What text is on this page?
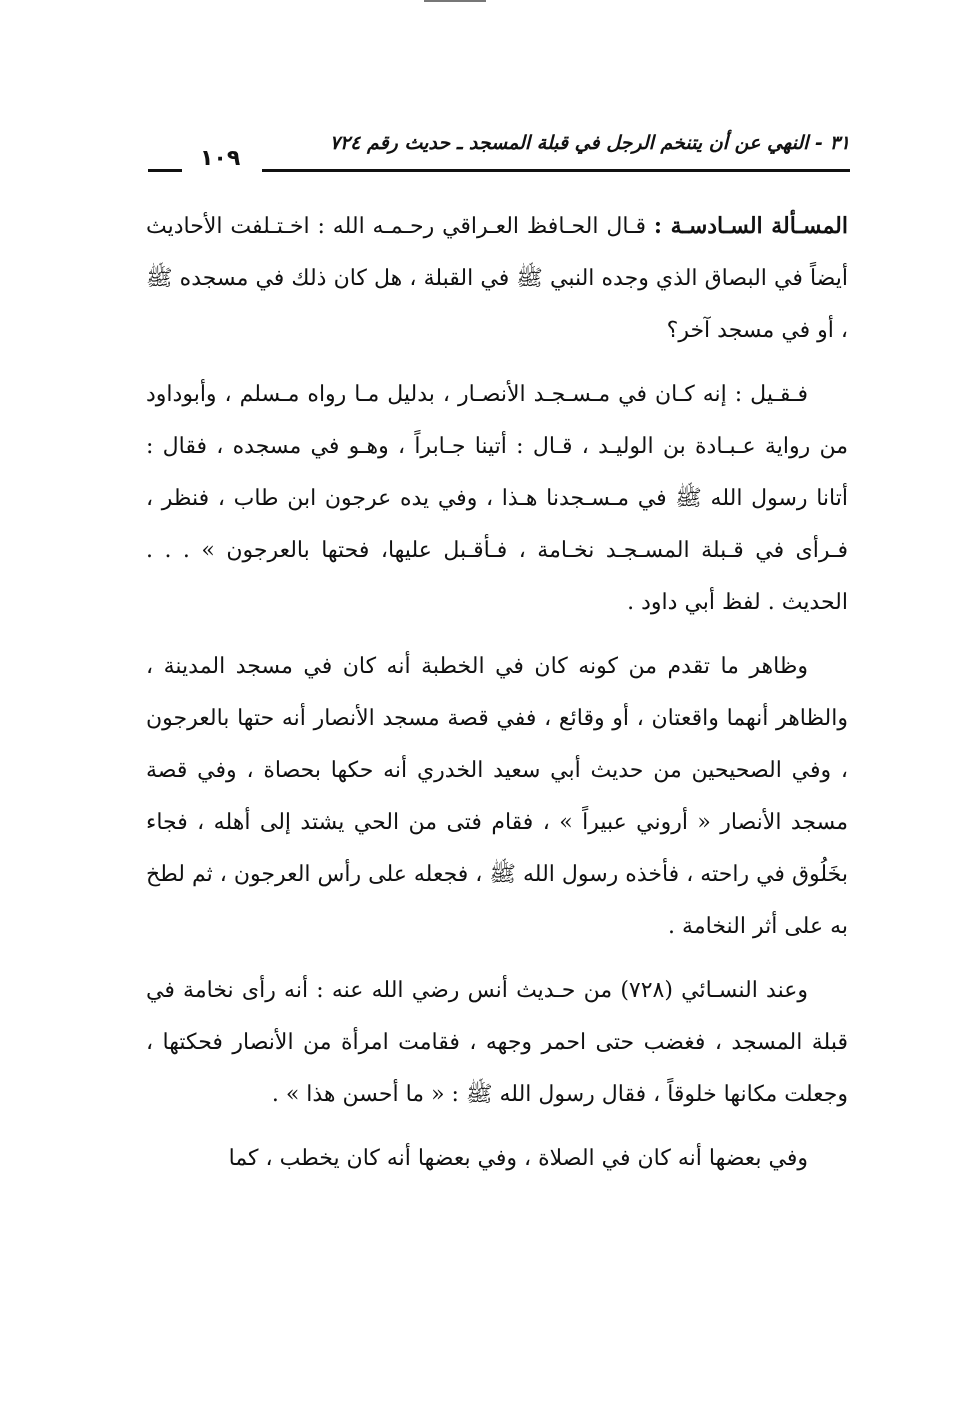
٣١ - النهي عن أن يتنخم الرجل في قبلة المسجد ـ حديث رقم ٧٢٤
١٠٩

المسـألة السـادسـة : قـال الحـافظ العـراقي رحـمـه الله : اخـتـلفت الأحاديث أيضاً في البصاق الذي وجده النبي ﷺ في القبلة ، هل كان ذلك في مسجده ﷺ ، أو في مسجد آخر؟

فـقـيل : إنه كـان في مـسـجـد الأنصـار ، بدليل مـا رواه مـسلم ، وأبوداود من رواية عـبـادة بن الوليـد ، قـال : أتينا جـابراً ، وهـو في مسجده ، فقال : أتانا رسول الله ﷺ في مـسـجدنا هـذا ، وفي يده عرجون ابن طاب ، فنظر ، فـرأى في قـبلة المسـجـد نخـامة ، فـأقـبل عليها، فحتها بالعرجون » . . . الحديث . لفظ أبي داود .

وظاهر ما تقدم من كونه كان في الخطبة أنه كان في مسجد المدينة ، والظاهر أنهما واقعتان ، أو وقائع ، ففي قصة مسجد الأنصار أنه حتها بالعرجون ، وفي الصحيحين من حديث أبي سعيد الخدري أنه حكها بحصاة ، وفي قصة مسجد الأنصار « أروني عبيراً » ، فقام فتى من الحي يشتد إلى أهله ، فجاء بخَلُوق في راحته ، فأخذه رسول الله ﷺ ، فجعله على رأس العرجون ، ثم لطخ به على أثر النخامة .

وعند النسـائي (٧٢٨) من حـديث أنس رضي الله عنه : أنه رأى نخامة في قبلة المسجد ، فغضب حتى احمر وجهه ، فقامت امرأة من الأنصار فحكتها ، وجعلت مكانها خلوقاً ، فقال رسول الله ﷺ : « ما أحسن هذا » .

وفي بعضها أنه كان في الصلاة ، وفي بعضها أنه كان يخطب ، كما
